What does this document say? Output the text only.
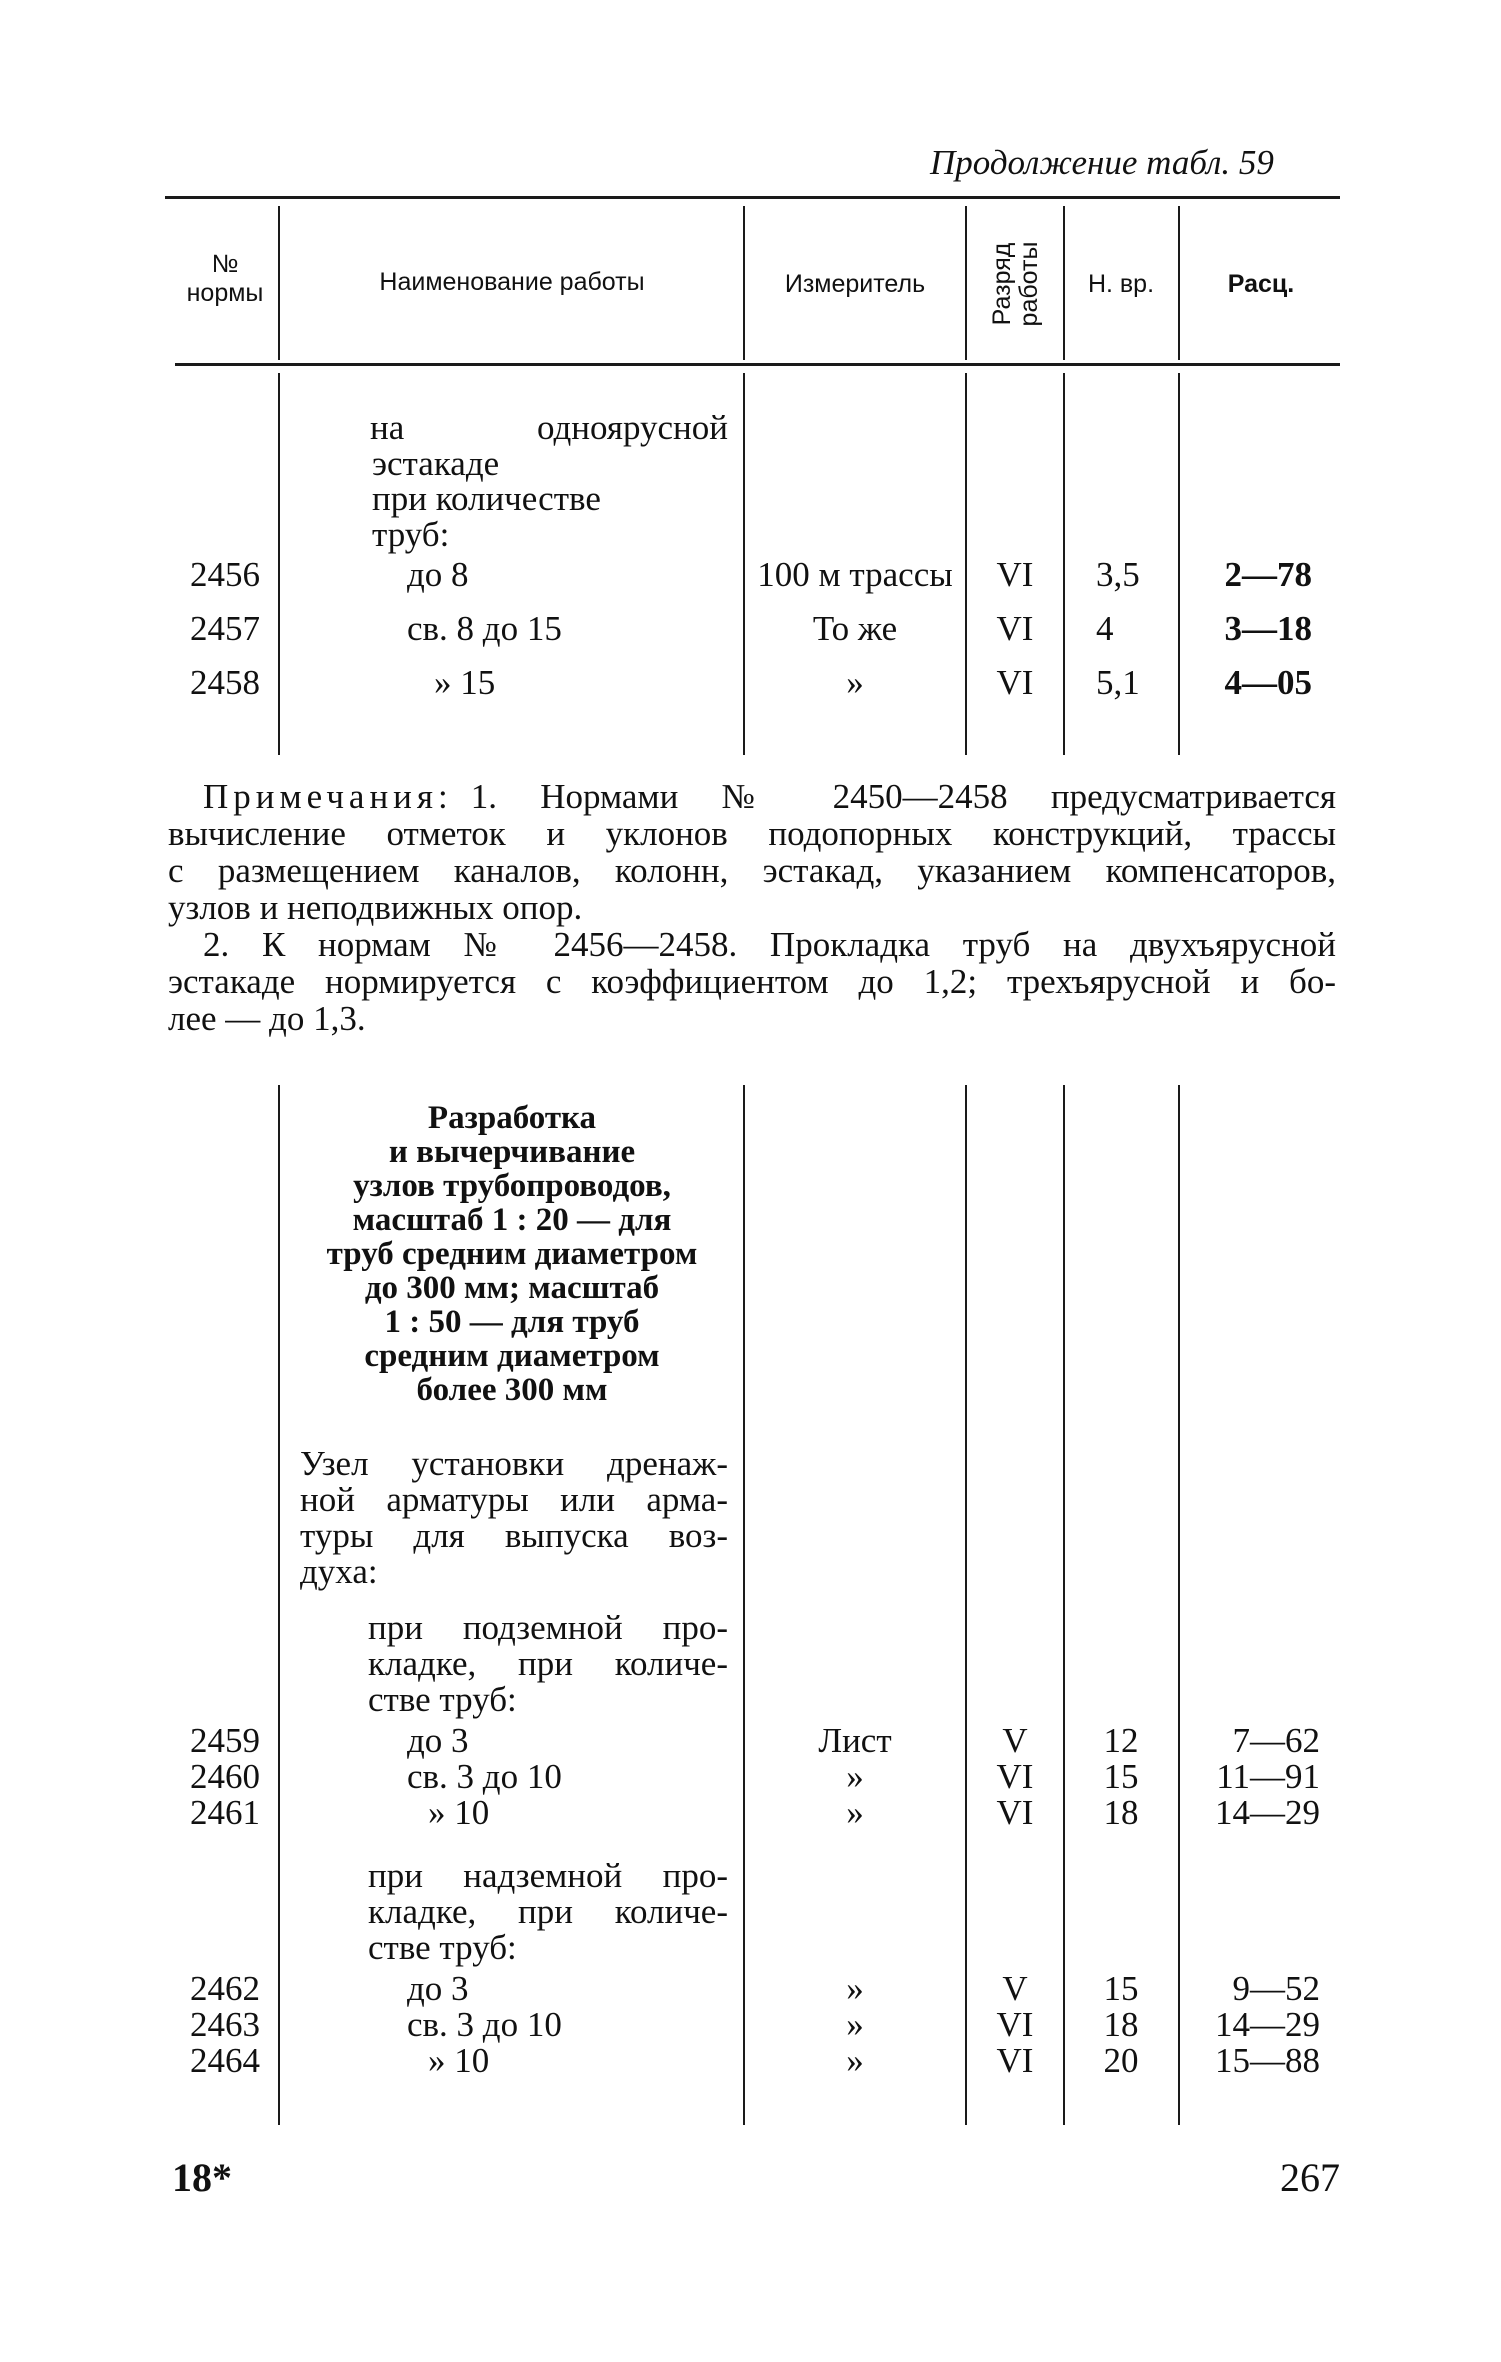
Продолжение табл. 59
№
нормы	Наименование работы	Измеритель	Разряд работы	Н. вр.	Расц.
на одноярусной
эстакаде
при количестве
труб:
2456	до 8	100 м трассы	VI	3,5	2—78
2457	св. 8 до 15	То же	VI	4	3—18
2458	» 15	»	VI	5,1	4—05
Примечания: 1. Нормами № 2450—2458 предусматривается
вычисление отметок и уклонов подопорных конструкций, трассы
с размещением каналов, колонн, эстакад, указанием компенсаторов,
узлов и неподвижных опор.
2. К нормам № 2456—2458. Прокладка труб на двухъярусной
эстакаде нормируется с коэффициентом до 1,2; трехъярусной и бо-
лее — до 1,3.
Разработка
и вычерчивание
узлов трубопроводов,
масштаб 1 : 20 — для
труб средним диаметром
до 300 мм; масштаб
1 : 50 — для труб
средним диаметром
более 300 мм
Узел установки дренаж-
ной арматуры или арма-
туры для выпуска воз-
духа:
при подземной про-
кладке, при количе-
стве труб:
2459	до 3	Лист	V	12	7—62
2460	св. 3 до 10	»	VI	15	11—91
2461	» 10	»	VI	18	14—29
при надземной про-
кладке, при количе-
стве труб:
2462	до 3	»	V	15	9—52
2463	св. 3 до 10	»	VI	18	14—29
2464	» 10	»	VI	20	15—88
18*	267
